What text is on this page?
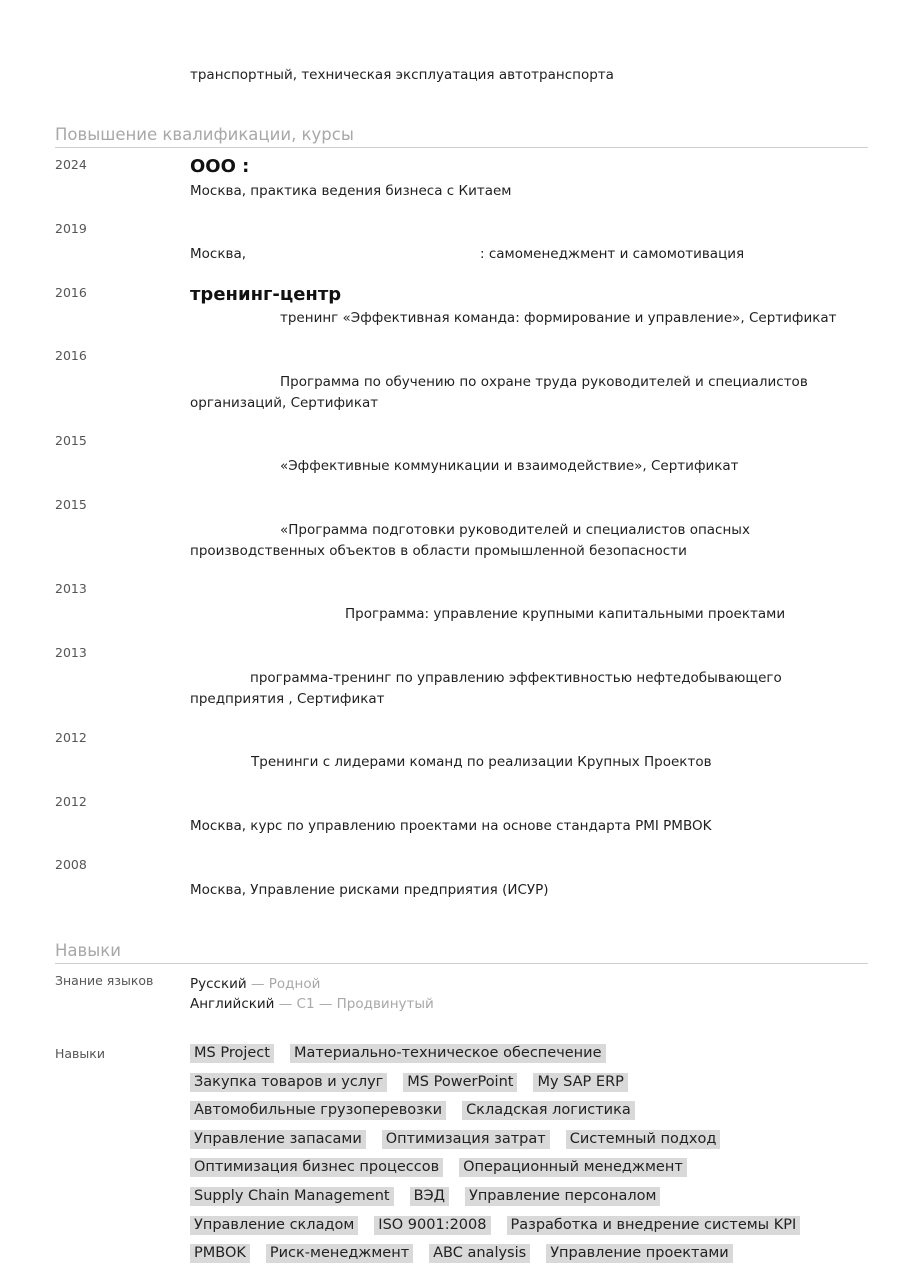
транспортный, техническая эксплуатация автотранспорта
Повышение квалификации, курсы
2024	ООО :
Москва, практика ведения бизнеса с Китаем
2019
Москва,	: самоменеджмент и самомотивация
2016	тренинг-центр
тренинг «Эффективная команда: формирование и управление», Сертификат
2016
Программа по обучению по охране труда руководителей и специалистов
организаций, Сертификат
2015
«Эффективные коммуникации и взаимодействие», Сертификат
2015
«Программа подготовки руководителей и специалистов опасных
производственных объектов в области промышленной безопасности
2013
Программа: управление крупными капитальными проектами
2013
программа-тренинг по управлению эффективностью нефтедобывающего
предприятия , Сертификат
2012
Тренинги с лидерами команд по реализации Крупных Проектов
2012
Москва, курс по управлению проектами на основе стандарта PMI PMBOK
2008
Москва, Управление рисками предприятия (ИСУР)
Навыки
Знание языков	Русский — Родной
Английский — C1 — Продвинутый
Навыки	MS Project Материально-техническое обеспечение
Закупка товаров и услуг MS PowerPoint My SAP ERP
Автомобильные грузоперевозки Складская логистика
Управление запасами Оптимизация затрат Системный подход
Оптимизация бизнес процессов Операционный менеджмент
Supply Chain Management ВЭД Управление персоналом
Управление складом ISO 9001:2008 Разработка и внедрение системы KPI
PMBOK Риск-менеджмент ABC analysis Управление проектами
